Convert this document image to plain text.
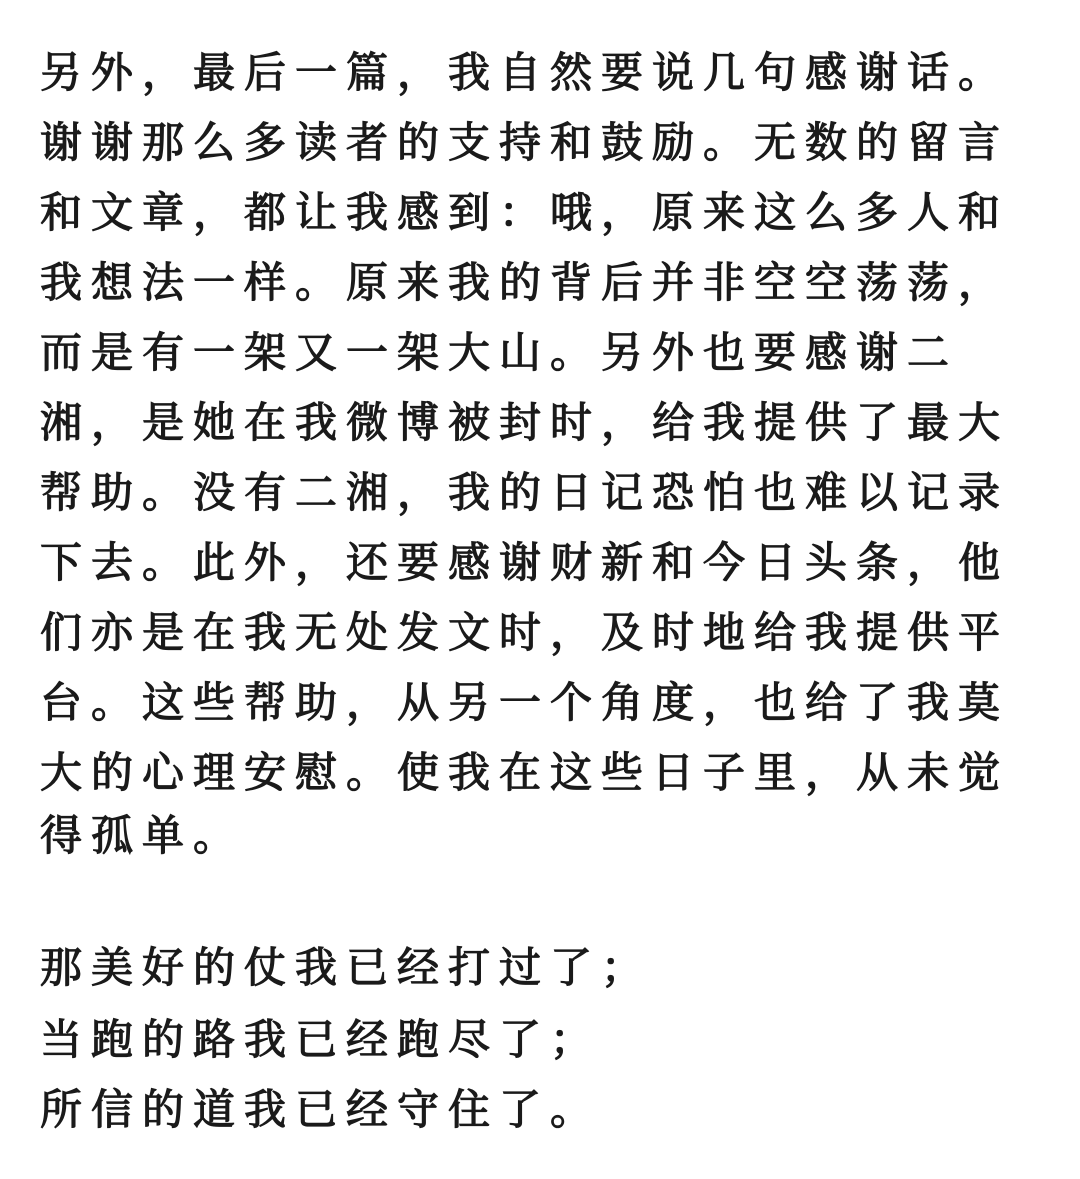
另外，最后一篇，我自然要说几句感谢话。
谢谢那么多读者的支持和鼓励。无数的留言
和文章，都让我感到：哦，原来这么多人和
我想法一样。原来我的背后并非空空荡荡，
而是有一架又一架大山。另外也要感谢二
湘，是她在我微博被封时，给我提供了最大
帮助。没有二湘，我的日记恐怕也难以记录
下去。此外，还要感谢财新和今日头条，他
们亦是在我无处发文时，及时地给我提供平
台。这些帮助，从另一个角度，也给了我莫
大的心理安慰。使我在这些日子里，从未觉
得孤单。
那美好的仗我已经打过了；
当跑的路我已经跑尽了；
所信的道我已经守住了。
